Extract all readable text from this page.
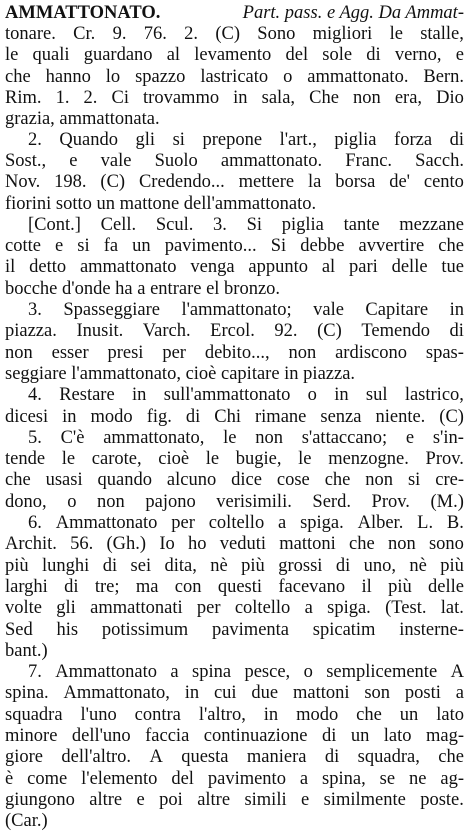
AMMATTONATO.	Part. pass. e Agg. Da Ammat-
tonare. Cr. 9. 76. 2. (C) Sono migliori le stalle,
le quali guardano al levamento del sole di verno, e
che hanno lo spazzo lastricato o ammattonato. Bern.
Rim. 1. 2. Ci trovammo in sala, Che non era, Dio
grazia, ammattonata.
2. Quando gli si prepone l'art., piglia forza di
Sost., e vale Suolo ammattonato. Franc. Sacch.
Nov. 198. (C) Credendo... mettere la borsa de' cento
fiorini sotto un mattone dell'ammattonato.
[Cont.] Cell. Scul. 3. Si piglia tante mezzane
cotte e si fa un pavimento... Si debbe avvertire che
il detto ammattonato venga appunto al pari delle tue
bocche d'onde ha a entrare el bronzo.
3. Spasseggiare l'ammattonato; vale Capitare in
piazza. Inusit. Varch. Ercol. 92. (C) Temendo di
non esser presi per debito..., non ardiscono spas-
seggiare l'ammattonato, cioè capitare in piazza.
4. Restare in sull'ammattonato o in sul lastrico,
dicesi in modo fig. di Chi rimane senza niente. (C)
5. C'è ammattonato, le non s'attaccano; e s'in-
tende le carote, cioè le bugie, le menzogne. Prov.
che usasi quando alcuno dice cose che non si cre-
dono, o non pajono verisimili. Serd. Prov. (M.)
6. Ammattonato per coltello a spiga. Alber. L. B.
Archit. 56. (Gh.) Io ho veduti mattoni che non sono
più lunghi di sei dita, nè più grossi di uno, nè più
larghi di tre; ma con questi facevano il più delle
volte gli ammattonati per coltello a spiga. (Test. lat.
Sed his potissimum pavimenta spicatim insterne-
bant.)
7. Ammattonato a spina pesce, o semplicemente A
spina. Ammattonato, in cui due mattoni son posti a
squadra l'uno contra l'altro, in modo che un lato
minore dell'uno faccia continuazione di un lato mag-
giore dell'altro. A questa maniera di squadra, che
è come l'elemento del pavimento a spina, se ne ag-
giungono altre e poi altre simili e similmente poste.
(Car.)
